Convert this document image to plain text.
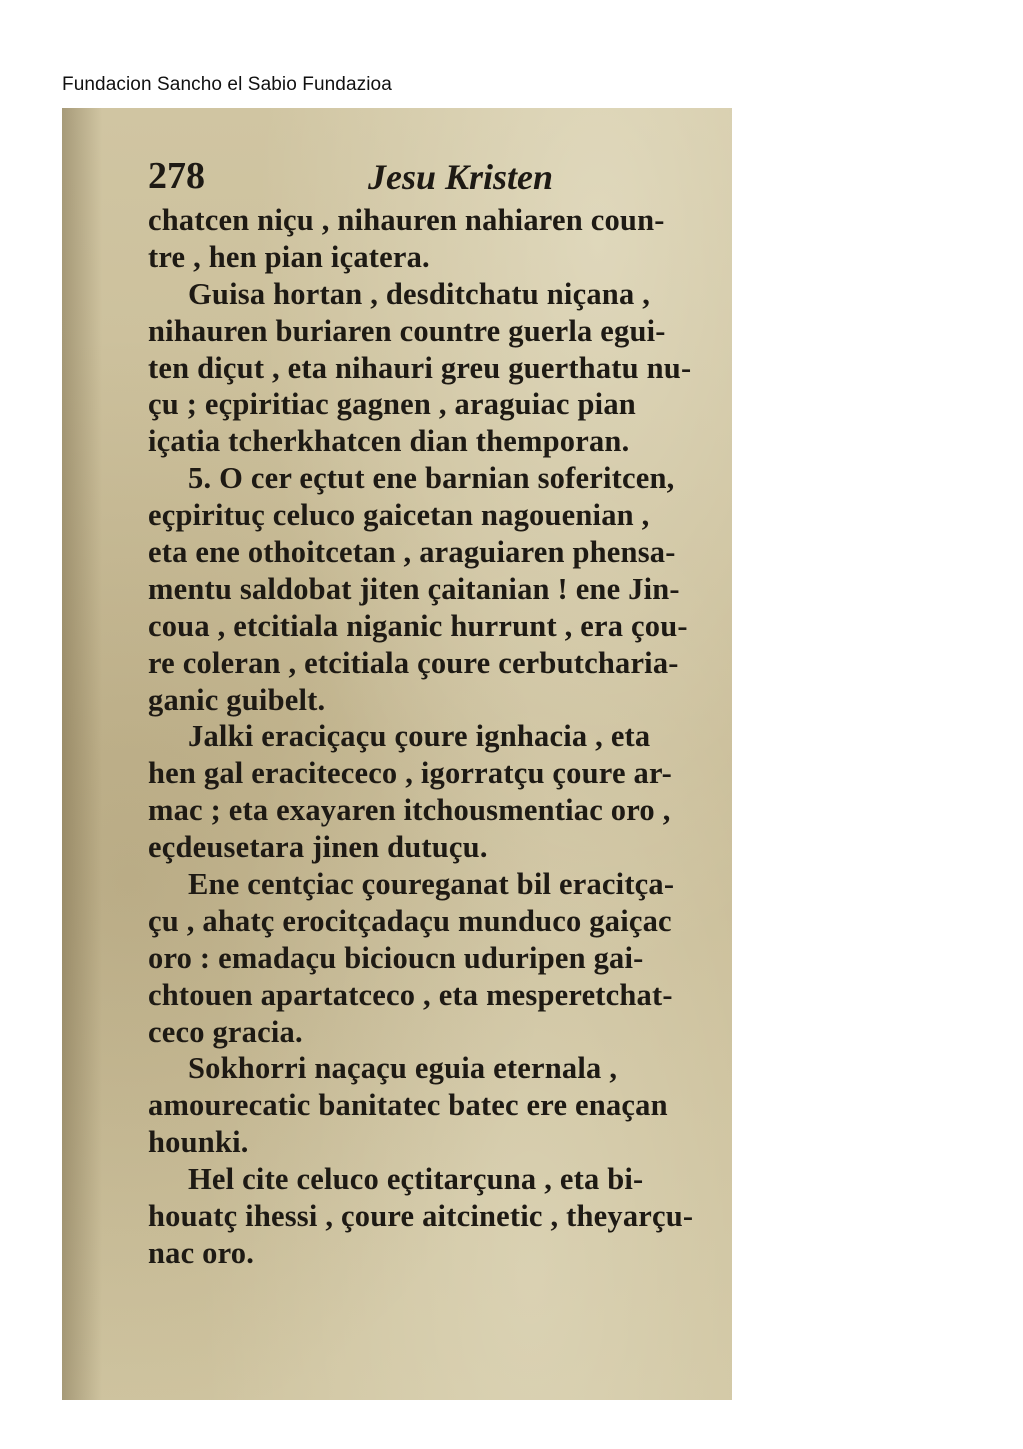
Fundacion Sancho el Sabio Fundazioa
278	Jesu Kristen
chatcen niçu , nihauren nahiaren coun-
tre , hen pian içatera.
Guisa hortan , desditchatu niçana ,
nihauren buriaren countre guerla egui-
ten diçut , eta nihauri greu guerthatu nu-
çu ; eçpiritiac gagnen , araguiac pian
içatia tcherkhatcen dian themporan.
5. O cer eçtut ene barnian soferitcen,
eçpirituç celuco gaicetan nagouenian ,
eta ene othoitcetan , araguiaren phensa-
mentu saldobat jiten çaitanian ! ene Jin-
coua , etcitiala niganic hurrunt , era çou-
re coleran , etcitiala çoure cerbutcharia-
ganic guibelt.
Jalki eraciçaçu çoure ignhacia , eta
hen gal eracitececo , igorratçu çoure ar-
mac ; eta exayaren itchousmentiac oro ,
eçdeusetara jinen dutuçu.
Ene centçiac çoureganat bil eracitça-
çu , ahatç erocitçadaçu munduco gaiçac
oro : emadaçu bicioucn uduripen gai-
chtouen apartatceco , eta mesperetchat-
ceco gracia.
Sokhorri naçaçu eguia eternala ,
amourecatic banitatec batec ere enaçan
hounki.
Hel cite celuco eçtitarçuna , eta bi-
houatç ihessi , çoure aitcinetic , theyarçu-
nac oro.
